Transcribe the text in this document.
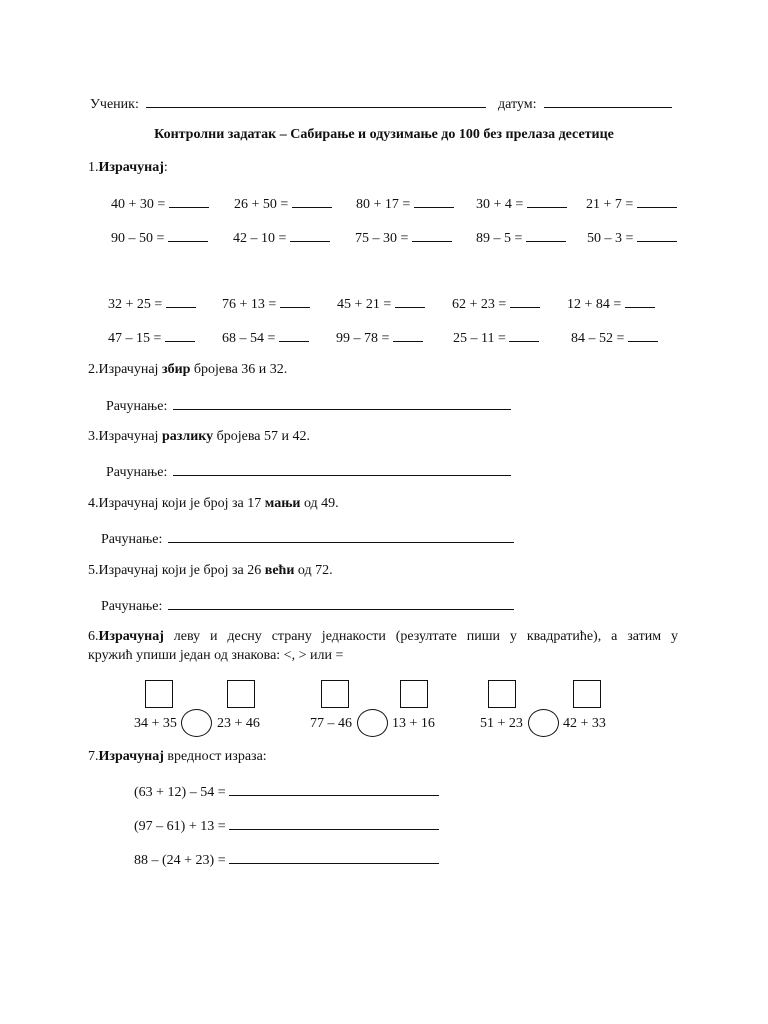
Ученик:	датум:
Контролни задатак – Сабирање и одузимање до 100 без прелаза десетице
1.Израчунај:
40 + 30 =	26 + 50 =	80 + 17 =	30 + 4 =	21 + 7 =
90 – 50 =	42 – 10 =	75 – 30 =	89 – 5 =	50 – 3 =
32 + 25 =	76 + 13 =	45 + 21 =	62 + 23 =	12 + 84 =
47 – 15 =	68 – 54 =	99 – 78 =	25 – 11 =	84 – 52 =
2.Израчунај збир бројева 36 и 32.
Рачунање:
3.Израчунај разлику бројева 57 и 42.
Рачунање:
4.Израчунај који је број за 17 мањи од 49.
Рачунање:
5.Израчунај који је број за 26 већи од 72.
Рачунање:
6.Израчунај леву и десну страну једнакости (резултате пиши у квадратиће), а затим у
кружић упиши један од знакова: <, > или =
34 + 35	23 + 46	77 – 46	13 + 16	51 + 23	42 + 33
7.Израчунај вредност израза:
(63 + 12) – 54 =
(97 – 61) + 13 =
88 – (24 + 23) =
